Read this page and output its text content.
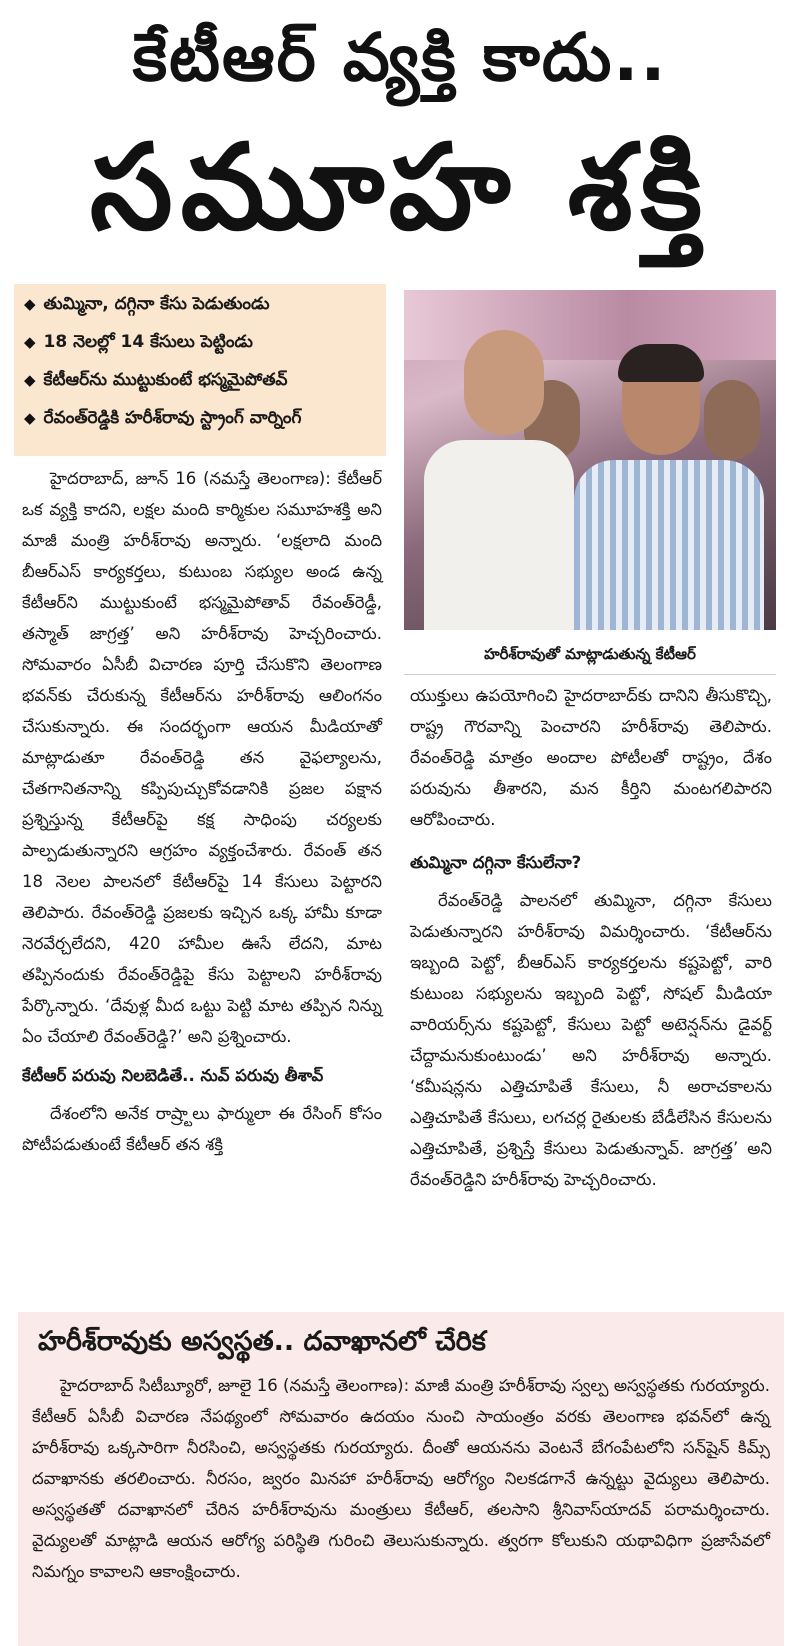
కేటీఆర్ వ్యక్తి కాదు..
సమూహ శక్తి
◆ తుమ్మినా, దగ్గినా కేసు పెడుతుండు
◆ 18 నెలల్లో 14 కేసులు పెట్టిండు
◆ కేటీఆర్‌ను ముట్టుకుంటే భస్మమైపోతవ్
◆ రేవంత్‌రెడ్డికి హరీశ్‌రావు స్ట్రాంగ్ వార్నింగ్
హరీశ్‌రావుతో మాట్లాడుతున్న కేటీఆర్

హైదరాబాద్, జూన్ 16 (నమస్తే తెలంగాణ): కేటీఆర్ ఒక వ్యక్తి కాదని, లక్షల మంది కార్మికుల సమూహశక్తి అని మాజీ మంత్రి హరీశ్‌రావు అన్నారు. ‘లక్షలాది మంది బీఆర్‌ఎస్ కార్యకర్తలు, కుటుంబ సభ్యుల అండ ఉన్న కేటీఆర్‌ని ముట్టుకుంటే భస్మమైపోతావ్ రేవంత్‌రెడ్డీ, తస్మాత్ జాగ్రత్త’ అని హరీశ్‌రావు హెచ్చరించారు. సోమవారం ఏసీబీ విచారణ పూర్తి చేసుకొని తెలంగాణ భవన్‌కు చేరుకున్న కేటీఆర్‌ను హరీశ్‌రావు ఆలింగనం చేసుకున్నారు. ఈ సందర్భంగా ఆయన మీడియాతో మాట్లాడుతూ రేవంత్‌రెడ్డి తన వైఫల్యాలను, చేతగానితనాన్ని కప్పిపుచ్చుకోవడానికి ప్రజల పక్షాన ప్రశ్నిస్తున్న కేటీఆర్‌పై కక్ష సాధింపు చర్యలకు పాల్పడుతున్నారని ఆగ్రహం వ్యక్తంచేశారు. రేవంత్ తన 18 నెలల పాలనలో కేటీఆర్‌పై 14 కేసులు పెట్టారని తెలిపారు. రేవంత్‌రెడ్డి ప్రజలకు ఇచ్చిన ఒక్క హామీ కూడా నెరవేర్చలేదని, 420 హామీల ఊసే లేదని, మాట తప్పినందుకు రేవంత్‌రెడ్డిపై కేసు పెట్టాలని హరీశ్‌రావు పేర్కొన్నారు. ‘దేవుళ్ల మీద ఒట్టు పెట్టి మాట తప్పిన నిన్ను ఏం చేయాలి రేవంత్‌రెడ్డి?’ అని ప్రశ్నించారు.

కేటీఆర్ పరువు నిలబెడితే.. నువ్ పరువు తీశావ్

దేశంలోని అనేక రాష్ర్టాలు ఫార్ములా ఈ రేసింగ్ కోసం పోటీపడుతుంటే కేటీఆర్ తన శక్తి

యుక్తులు ఉపయోగించి హైదరాబాద్‌కు దానిని తీసుకొచ్చి, రాష్ట్ర గౌరవాన్ని పెంచారని హరీశ్‌రావు తెలిపారు. రేవంత్‌రెడ్డి మాత్రం అందాల పోటీలతో రాష్ట్రం, దేశం పరువును తీశారని, మన కీర్తిని మంటగలిపారని ఆరోపించారు.

తుమ్మినా దగ్గినా కేసులేనా?

రేవంత్‌రెడ్డి పాలనలో తుమ్మినా, దగ్గినా కేసులు పెడుతున్నారని హరీశ్‌రావు విమర్శించారు. ‘కేటీఆర్‌ను ఇబ్బంది పెట్టో, బీఆర్‌ఎస్ కార్యకర్తలను కష్టపెట్టో, వారి కుటుంబ సభ్యులను ఇబ్బంది పెట్టో, సోషల్ మీడియా వారియర్స్‌ను కష్టపెట్టో, కేసులు పెట్టో అటెన్షన్‌ను డైవర్ట్ చేద్దామనుకుంటుండు’ అని హరీశ్‌రావు అన్నారు. ‘కమీషన్లను ఎత్తిచూపితే కేసులు, నీ అరాచకాలను ఎత్తిచూపితే కేసులు, లగచర్ల రైతులకు బేడీలేసిన కేసులను ఎత్తిచూపితే, ప్రశ్నిస్తే కేసులు పెడుతున్నావ్. జాగ్రత్త’ అని రేవంత్‌రెడ్డిని హరీశ్‌రావు హెచ్చరించారు.

హరీశ్‌రావుకు అస్వస్థత.. దవాఖానలో చేరిక
హైదరాబాద్ సిటీబ్యూరో, జూలై 16 (నమస్తే తెలంగాణ): మాజీ మంత్రి హరీశ్‌రావు స్వల్ప అస్వస్థతకు గురయ్యారు. కేటీఆర్ ఏసీబీ విచారణ నేపథ్యంలో సోమవారం ఉదయం నుంచి సాయంత్రం వరకు తెలంగాణ భవన్‌లో ఉన్న హరీశ్‌రావు ఒక్కసారిగా నీరసించి, అస్వస్థతకు గురయ్యారు. దీంతో ఆయనను వెంటనే బేగంపేటలోని సన్‌షైన్ కిమ్స్ దవాఖానకు తరలించారు. నీరసం, జ్వరం మినహా హరీశ్‌రావు ఆరోగ్యం నిలకడగానే ఉన్నట్టు వైద్యులు తెలిపారు. అస్వస్థతతో దవాఖానలో చేరిన హరీశ్‌రావును మంత్రులు కేటీఆర్, తలసాని శ్రీనివాస్‌యాదవ్ పరామర్శించారు. వైద్యులతో మాట్లాడి ఆయన ఆరోగ్య పరిస్థితి గురించి తెలుసుకున్నారు. త్వరగా కోలుకుని యథావిధిగా ప్రజాసేవలో నిమగ్నం కావాలని ఆకాంక్షించారు.
